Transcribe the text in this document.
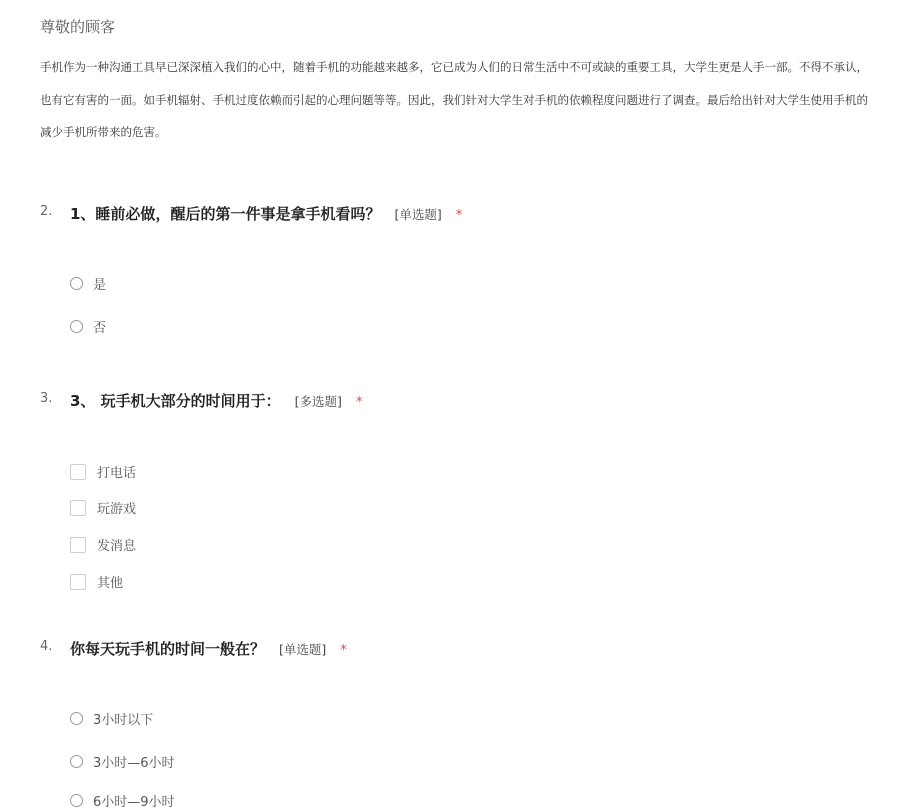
尊敬的顾客
手机作为一种沟通工具早已深深植入我们的心中，随着手机的功能越来越多，它已成为人们的日常生活中不可或缺的重要工具，大学生更是人手一部。不得不承认，
也有它有害的一面。如手机辐射、手机过度依赖而引起的心理问题等等。因此，我们针对大学生对手机的依赖程度问题进行了调查。最后给出针对大学生使用手机的
减少手机所带来的危害。
2. 1、睡前必做，醒后的第一件事是拿手机看吗？ [单选题] *
是
否
3. 3、 玩手机大部分的时间用于： [多选题] *
打电话
玩游戏
发消息
其他
4. 你每天玩手机的时间一般在？ [单选题] *
3小时以下
3小时—6小时
6小时—9小时
